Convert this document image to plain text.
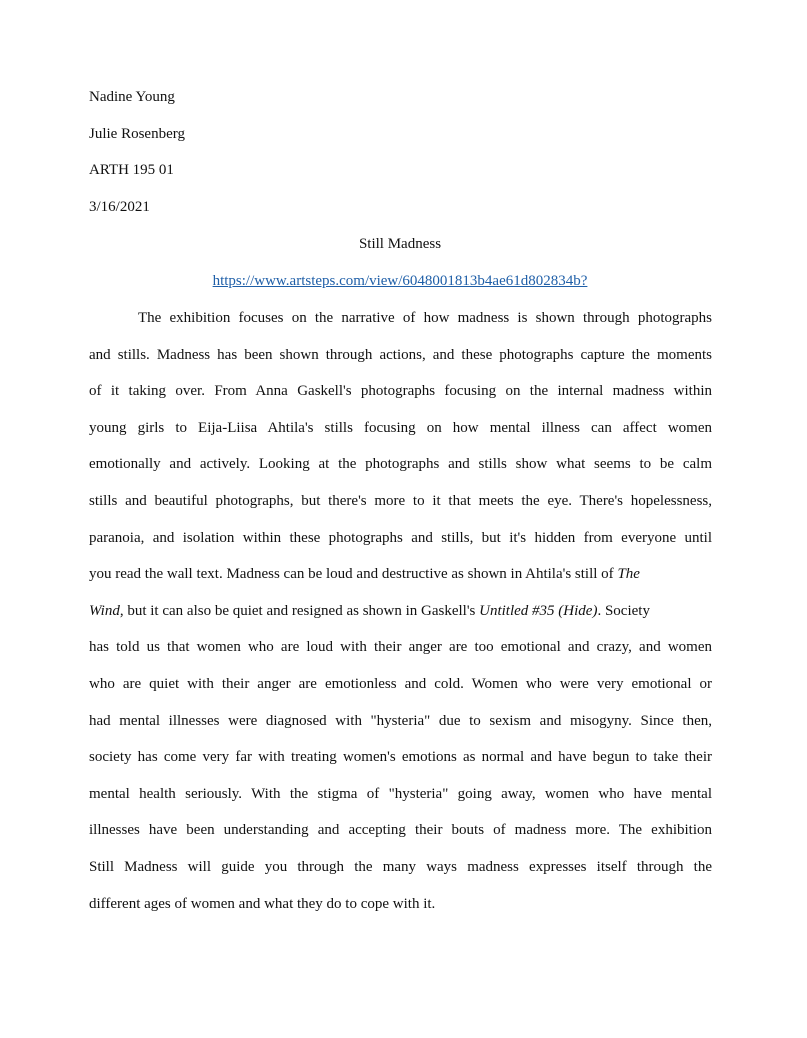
Nadine Young
Julie Rosenberg
ARTH 195 01
3/16/2021
Still Madness
https://www.artsteps.com/view/6048001813b4ae61d802834b?
The exhibition focuses on the narrative of how madness is shown through photographs
and stills. Madness has been shown through actions, and these photographs capture the moments
of it taking over. From Anna Gaskell's photographs focusing on the internal madness within
young girls to Eija-Liisa Ahtila's stills focusing on how mental illness can affect women
emotionally and actively. Looking at the photographs and stills show what seems to be calm
stills and beautiful photographs, but there's more to it that meets the eye. There's hopelessness,
paranoia, and isolation within these photographs and stills, but it's hidden from everyone until
you read the wall text. Madness can be loud and destructive as shown in Ahtila's still of The
Wind, but it can also be quiet and resigned as shown in Gaskell's Untitled #35 (Hide). Society
has told us that women who are loud with their anger are too emotional and crazy, and women
who are quiet with their anger are emotionless and cold. Women who were very emotional or
had mental illnesses were diagnosed with "hysteria" due to sexism and misogyny. Since then,
society has come very far with treating women's emotions as normal and have begun to take their
mental health seriously. With the stigma of "hysteria" going away, women who have mental
illnesses have been understanding and accepting their bouts of madness more. The exhibition
Still Madness will guide you through the many ways madness expresses itself through the
different ages of women and what they do to cope with it.
